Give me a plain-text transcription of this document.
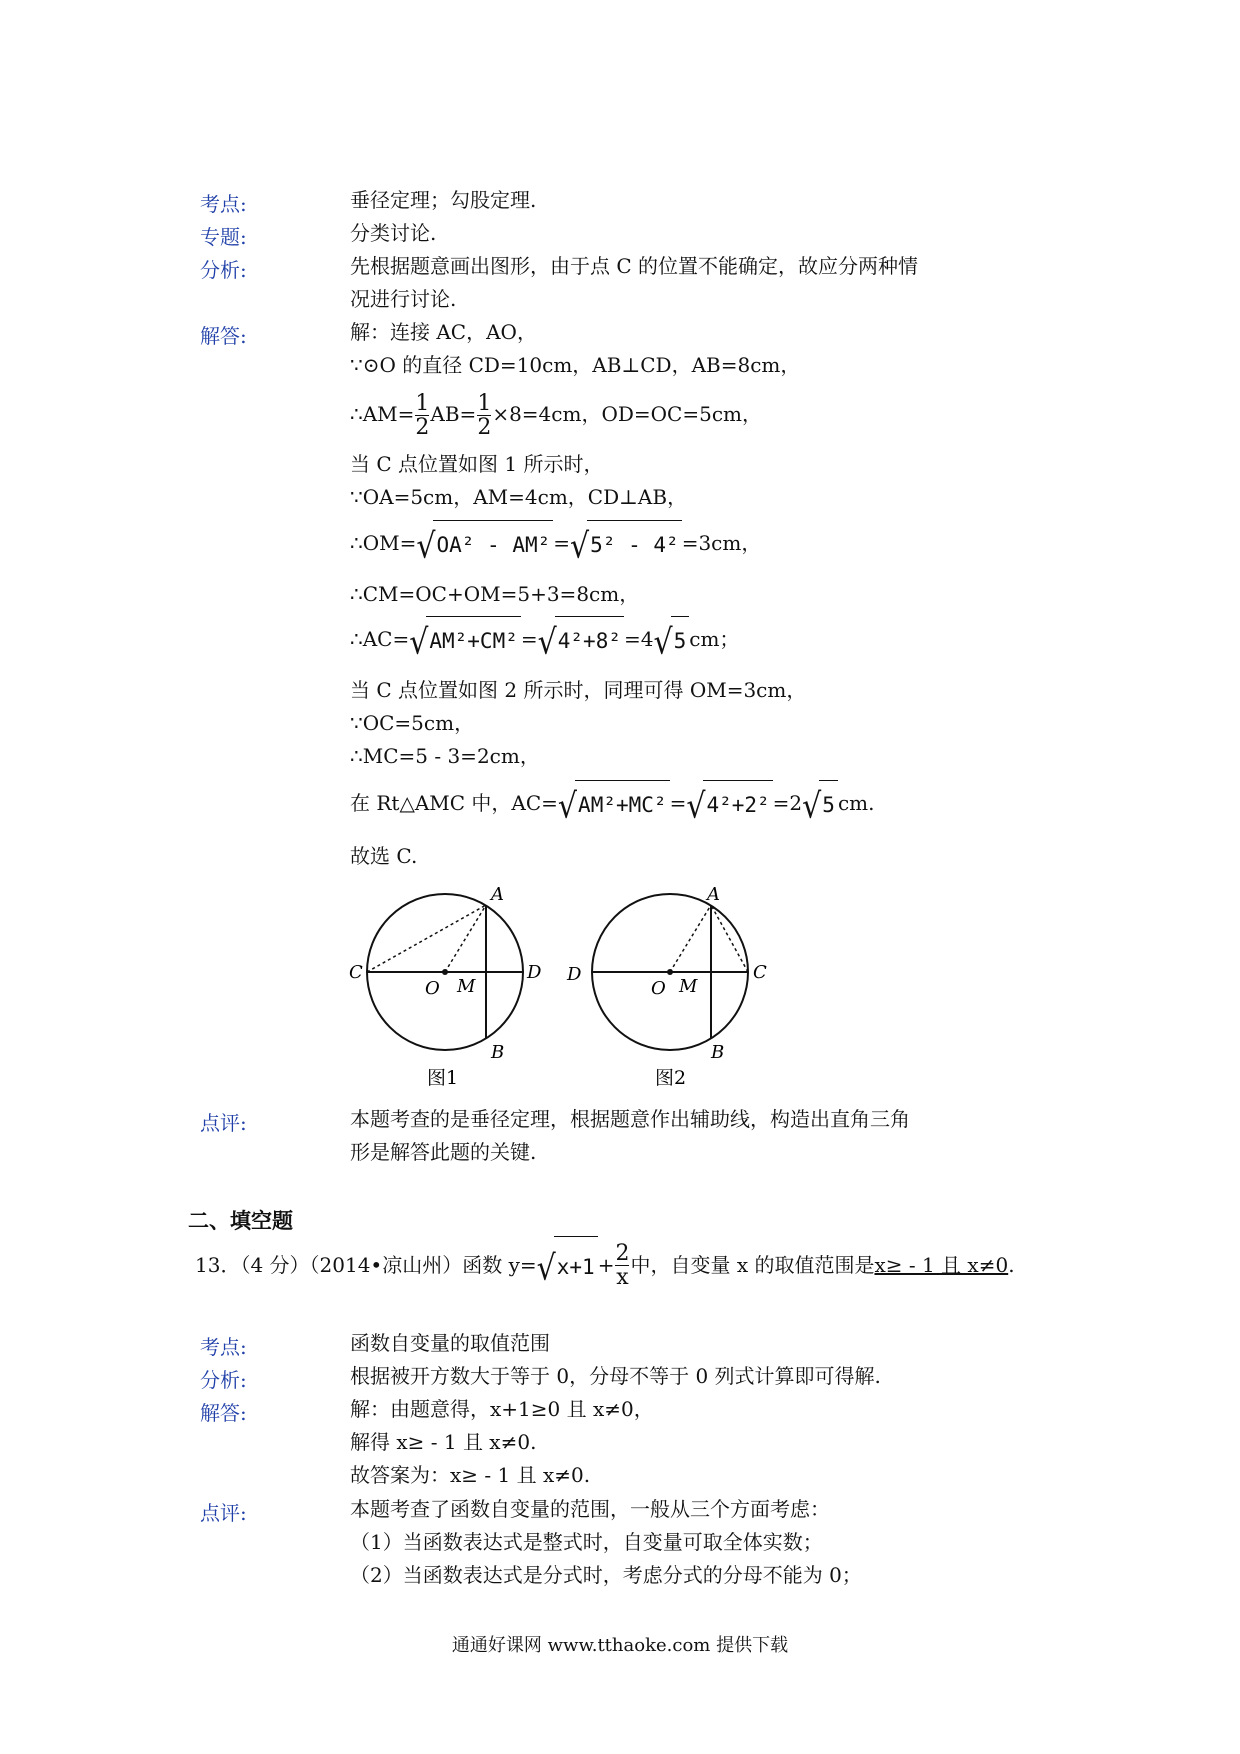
考点:	垂径定理；勾股定理.
专题:	分类讨论.
分析:	先根据题意画出图形，由于点 C 的位置不能确定，故应分两种情
况进行讨论.
解答:	解：连接 AC，AO，
∵⊙O 的直径 CD=10cm，AB⊥CD，AB=8cm，
∴AM= $\frac{1}{2} AB= \frac{1}{2} \times 8=4cm$，OD=OC=5cm，
当 C 点位置如图 1 所示时，
∵OA=5cm，AM=4cm，CD⊥AB，
∴OM=√OA² - AM² =√5² - 4² =3cm，
∴CM=OC+OM=5+3=8cm，
∴AC=√AM²+CM² =√4²+8² =4√5 cm；
当 C 点位置如图 2 所示时，同理可得 OM=3cm，
∵OC=5cm，
∴MC=5 - 3=2cm，
在 Rt△AMC 中，AC=√AM²+MC² =√4²+2² =2√5 cm.
故选 C.
A
B
C	D
O M
图1
A
B
C
D
O M
图2
点评:	本题考查的是垂径定理，根据题意作出辅助线，构造出直角三角
形是解答此题的关键.
二、填空题
13．（4 分）（2014•凉山州）函数 $y=√x+1 + \frac{2}{x}$ 中，自变量 x 的取值范围是x≥ - 1 且 x≠0.
考点:	函数自变量的取值范围
分析:	根据被开方数大于等于 0，分母不等于 0 列式计算即可得解.
解答:	解：由题意得，x+1≥0 且 x≠0，
解得 x≥ - 1 且 x≠0.
故答案为：x≥ - 1 且 x≠0.
点评:	本题考查了函数自变量的范围，一般从三个方面考虑：
（1）当函数表达式是整式时，自变量可取全体实数；
（2）当函数表达式是分式时，考虑分式的分母不能为 0；
通通好课网 www.tthaoke.com 提供下载
